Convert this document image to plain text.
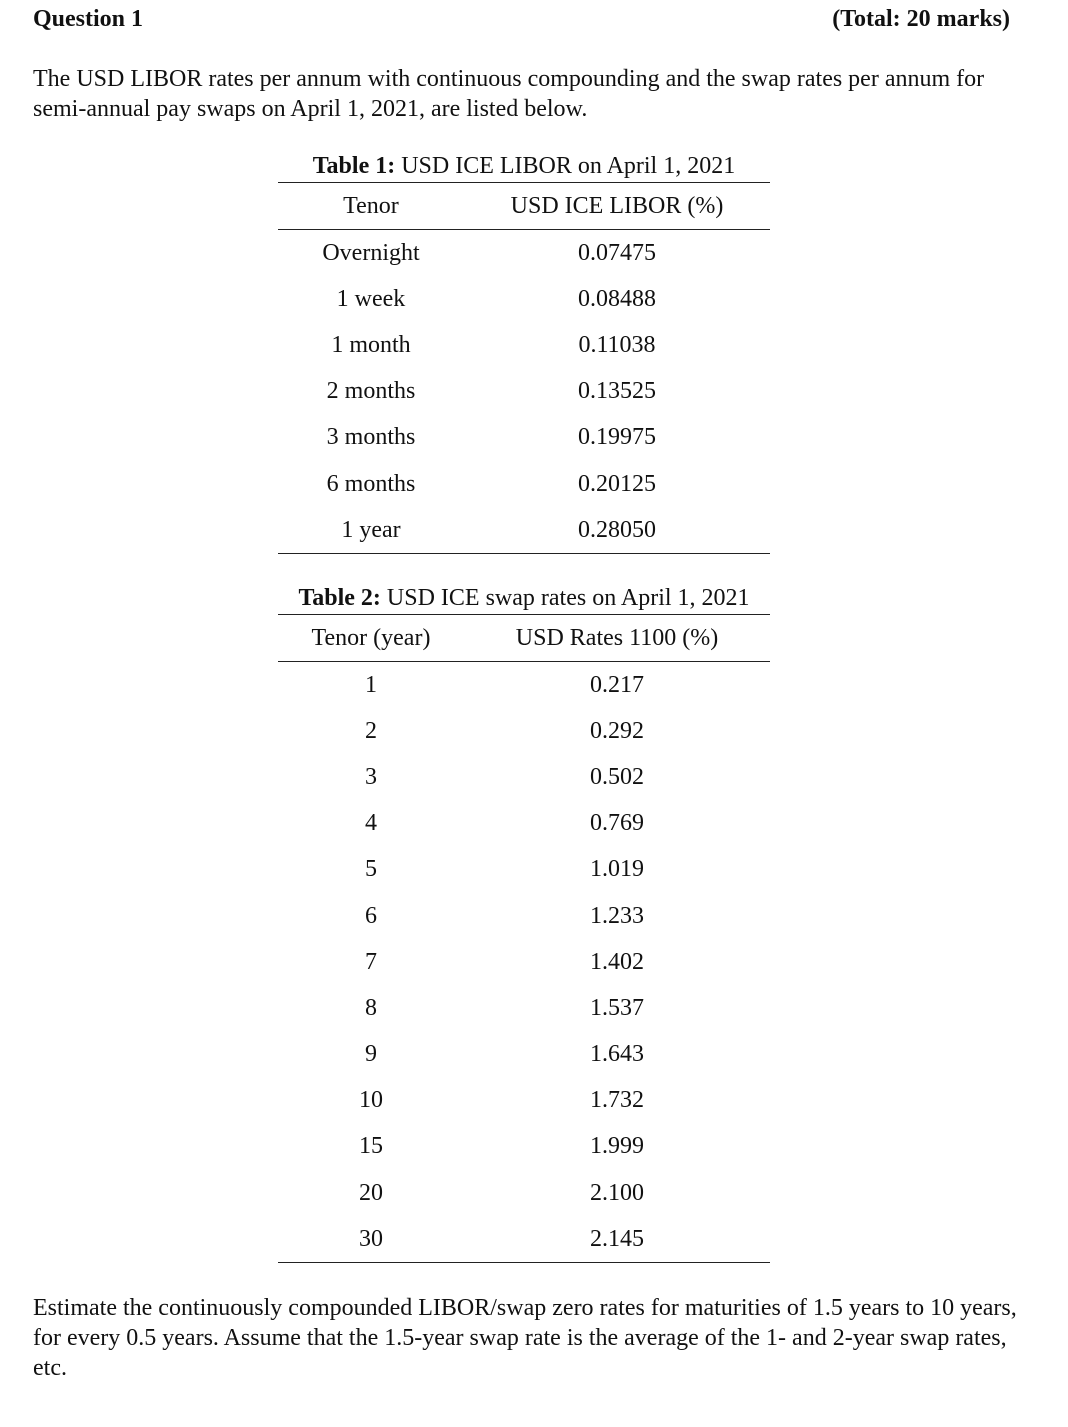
Question 1	(Total: 20 marks)
The USD LIBOR rates per annum with continuous compounding and the swap rates per annum for semi-annual pay swaps on April 1, 2021, are listed below.
Table 1: USD ICE LIBOR on April 1, 2021
Tenor	USD ICE LIBOR (%)
Overnight	0.07475
1 week	0.08488
1 month	0.11038
2 months	0.13525
3 months	0.19975
6 months	0.20125
1 year	0.28050
Table 2: USD ICE swap rates on April 1, 2021
Tenor (year)	USD Rates 1100 (%)
1	0.217
2	0.292
3	0.502
4	0.769
5	1.019
6	1.233
7	1.402
8	1.537
9	1.643
10	1.732
15	1.999
20	2.100
30	2.145
Estimate the continuously compounded LIBOR/swap zero rates for maturities of 1.5 years to 10 years, for every 0.5 years. Assume that the 1.5-year swap rate is the average of the 1- and 2-year swap rates, etc.
